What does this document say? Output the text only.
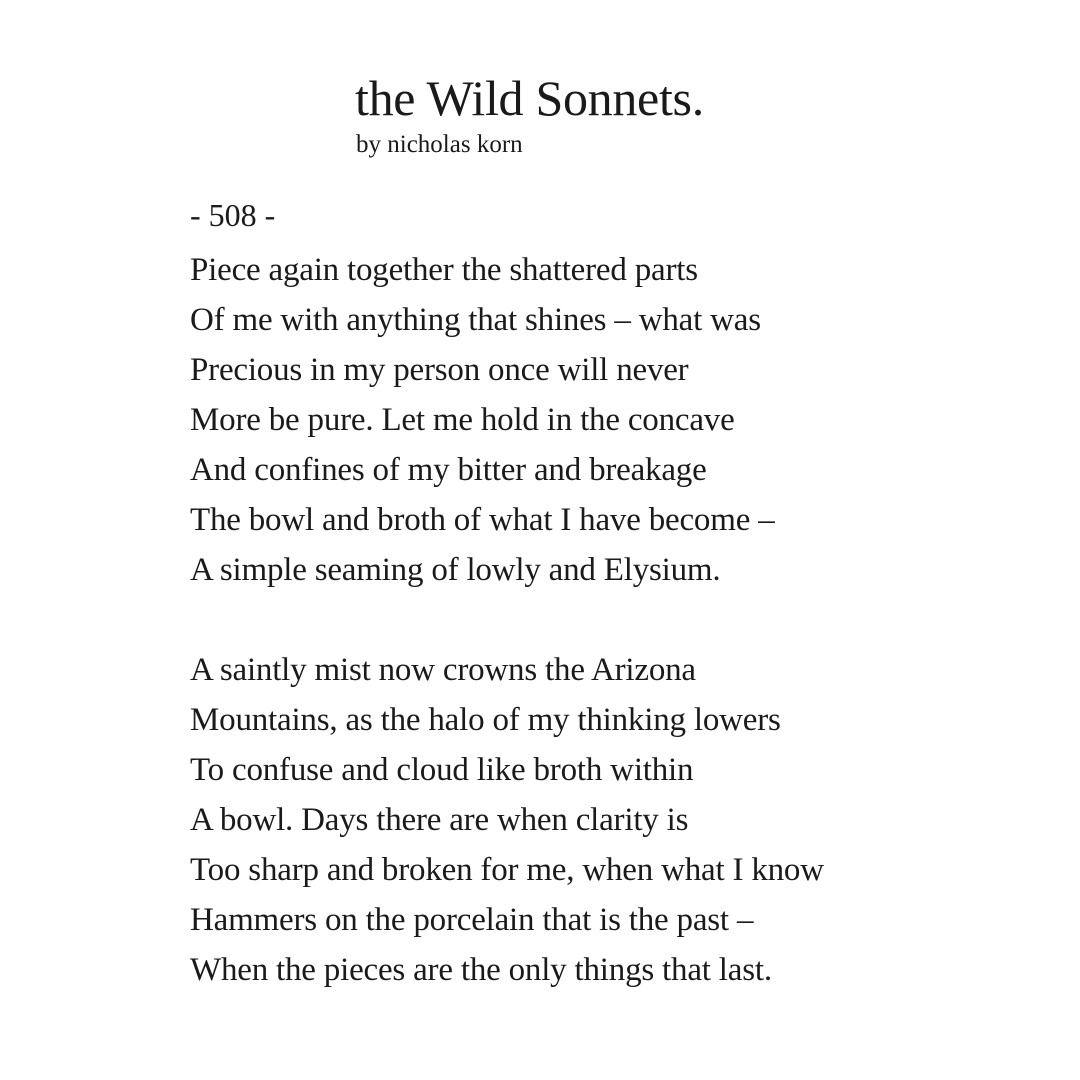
the Wild Sonnets.
by nicholas korn
- 508 -
Piece again together the shattered parts
Of me with anything that shines – what was
Precious in my person once will never
More be pure. Let me hold in the concave
And confines of my bitter and breakage
The bowl and broth of what I have become –
A simple seaming of lowly and Elysium.
A saintly mist now crowns the Arizona
Mountains, as the halo of my thinking lowers
To confuse and cloud like broth within
A bowl. Days there are when clarity is
Too sharp and broken for me, when what I know
Hammers on the porcelain that is the past –
When the pieces are the only things that last.
